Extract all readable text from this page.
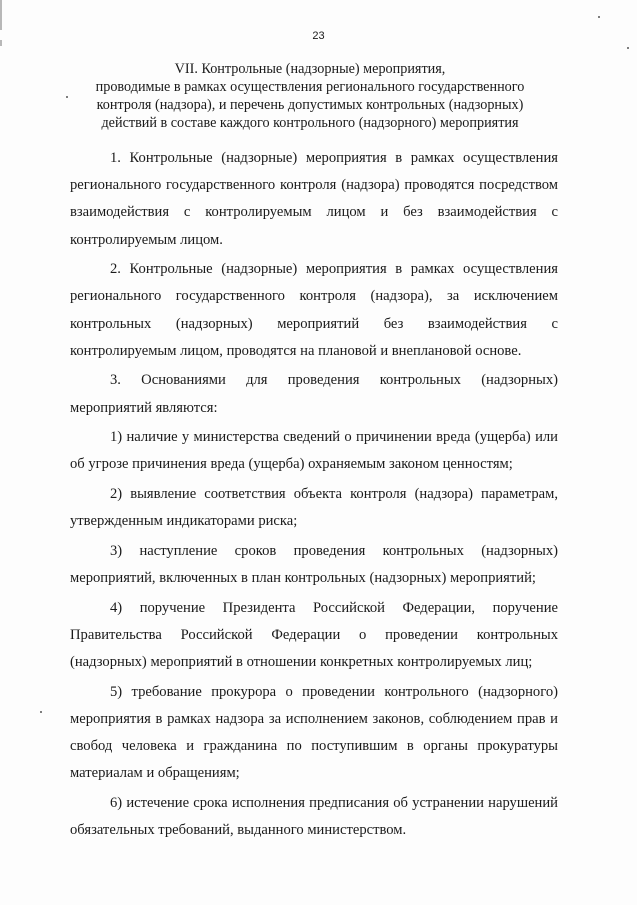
23
VII. Контрольные (надзорные) мероприятия,
проводимые в рамках осуществления регионального государственного
контроля (надзора), и перечень допустимых контрольных (надзорных)
действий в составе каждого контрольного (надзорного) мероприятия

1. Контрольные (надзорные) мероприятия в рамках осуществления регионального государственного контроля (надзора) проводятся посредством взаимодействия с контролируемым лицом и без взаимодействия с контролируемым лицом.

2. Контрольные (надзорные) мероприятия в рамках осуществления регионального государственного контроля (надзора), за исключением контрольных (надзорных) мероприятий без взаимодействия с контролируемым лицом, проводятся на плановой и внеплановой основе.

3. Основаниями для проведения контрольных (надзорных) мероприятий являются:

1) наличие у министерства сведений о причинении вреда (ущерба) или об угрозе причинения вреда (ущерба) охраняемым законом ценностям;

2) выявление соответствия объекта контроля (надзора) параметрам, утвержденным индикаторами риска;

3) наступление сроков проведения контрольных (надзорных) мероприятий, включенных в план контрольных (надзорных) мероприятий;

4) поручение Президента Российской Федерации, поручение Правительства Российской Федерации о проведении контрольных (надзорных) мероприятий в отношении конкретных контролируемых лиц;

5) требование прокурора о проведении контрольного (надзорного) мероприятия в рамках надзора за исполнением законов, соблюдением прав и свобод человека и гражданина по поступившим в органы прокуратуры материалам и обращениям;

6) истечение срока исполнения предписания об устранении нарушений обязательных требований, выданного министерством.
